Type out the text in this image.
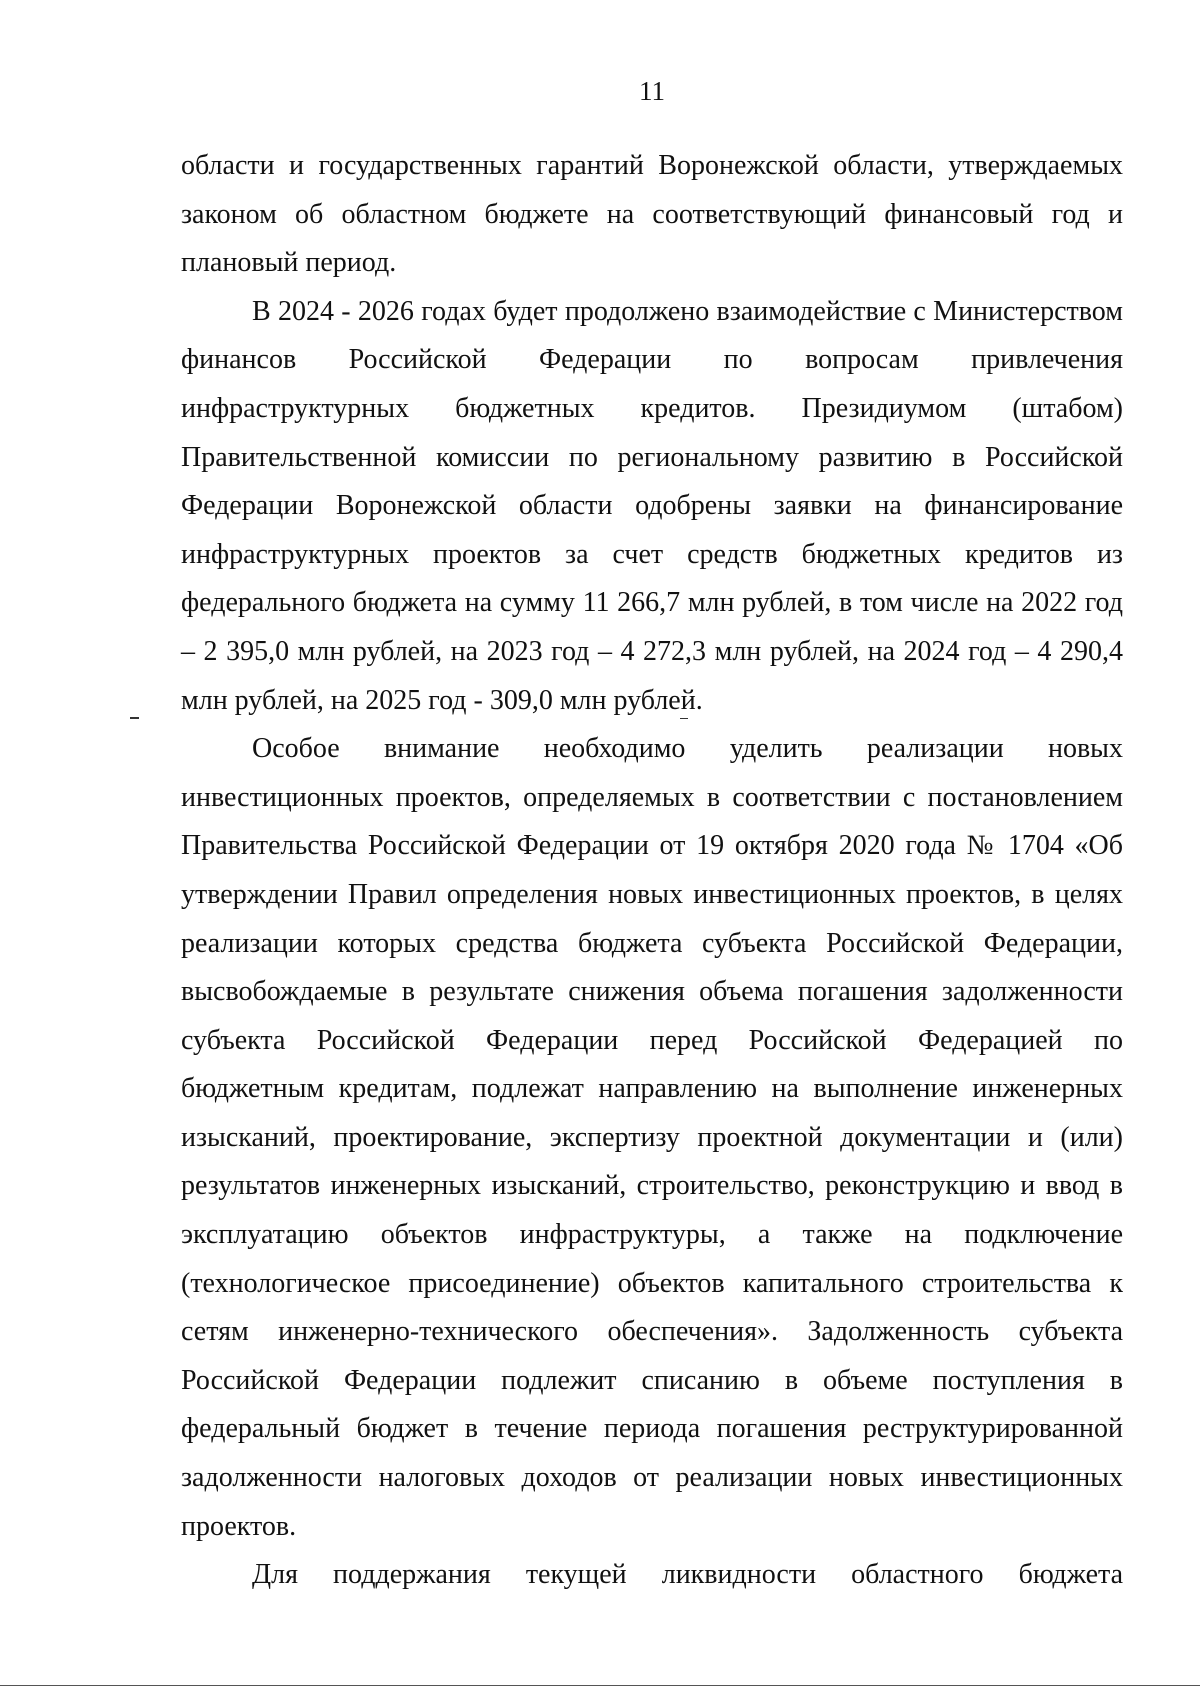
11

области и государственных гарантий Воронежской области, утверждаемых законом об областном бюджете на соответствующий финансовый год и плановый период.

В 2024 - 2026 годах будет продолжено взаимодействие с Министерством финансов Российской Федерации по вопросам привлечения инфраструктурных бюджетных кредитов. Президиумом (штабом) Правительственной комиссии по региональному развитию в Российской Федерации Воронежской области одобрены заявки на финансирование инфраструктурных проектов за счет средств бюджетных кредитов из федерального бюджета на сумму 11 266,7 млн рублей, в том числе на 2022 год – 2 395,0 млн рублей, на 2023 год – 4 272,3 млн рублей, на 2024 год – 4 290,4 млн рублей, на 2025 год - 309,0 млн рублей.

Особое внимание необходимо уделить реализации новых инвестиционных проектов, определяемых в соответствии с постановлением Правительства Российской Федерации от 19 октября 2020 года № 1704 «Об утверждении Правил определения новых инвестиционных проектов, в целях реализации которых средства бюджета субъекта Российской Федерации, высвобождаемые в результате снижения объема погашения задолженности субъекта Российской Федерации перед Российской Федерацией по бюджетным кредитам, подлежат направлению на выполнение инженерных изысканий, проектирование, экспертизу проектной документации и (или) результатов инженерных изысканий, строительство, реконструкцию и ввод в эксплуатацию объектов инфраструктуры, а также на подключение (технологическое присоединение) объектов капитального строительства к сетям инженерно-технического обеспечения». Задолженность субъекта Российской Федерации подлежит списанию в объеме поступления в федеральный бюджет в течение периода погашения реструктурированной задолженности налоговых доходов от реализации новых инвестиционных проектов.

Для поддержания текущей ликвидности областного бюджета
